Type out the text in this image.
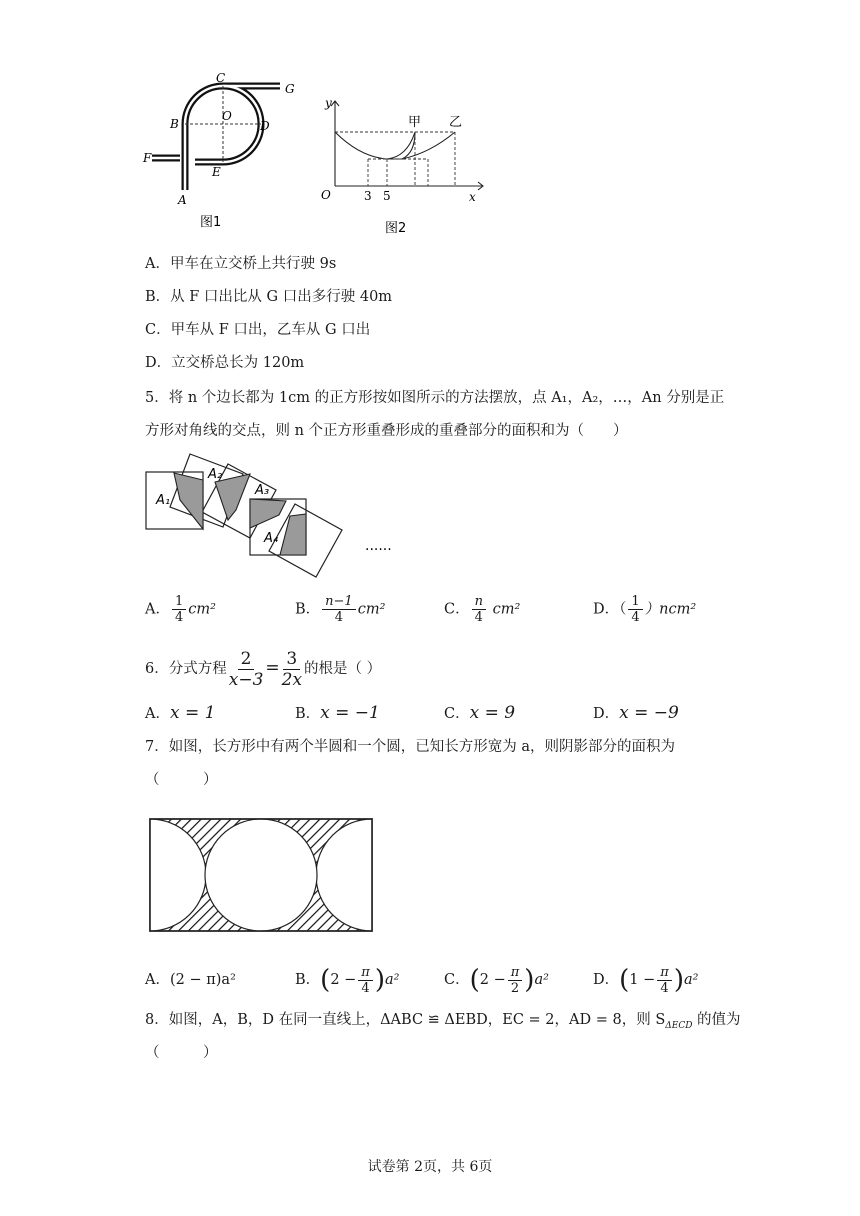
C
G
O
B	D
F
E
A
图1
y
x
O	3 5
甲 乙
图2
A．甲车在立交桥上共行驶 9s
B．从 F 口出比从 G 口出多行驶 40m
C．甲车从 F 口出，乙车从 G 口出
D．立交桥总长为 120m
5．将 n 个边长都为 1cm 的正方形按如图所示的方法摆放，点 A₁，A₂，…，An 分别是正
方形对角线的交点，则 n 个正方形重叠形成的重叠部分的面积和为（　　）
A₁
A₂
A₃
A₄	......
A． $\frac{1}{4} cm^2$	B． $\frac{n-1}{4} cm^2$	C． $\frac{n}{4} cm^2$	D．（ $\frac{1}{4} )ncm^2$
6．分式方程 $\frac{2}{x-3} = \frac{3}{2x}$ 的根是（ ）
A．x = 1	B．x = −1	C．x = 9	D．x = −9
7．如图，长方形中有两个半圆和一个圆，已知长方形宽为 a，则阴影部分的面积为
（　　　）
A．(2 − π)a²	B．$(2 - \frac{\pi}{4} )a^2$	C．$(2 - \frac{\pi}{2} )a^2$	D．$(1 - \frac{\pi}{4} )a^2$
8．如图，A，B，D 在同一直线上，ΔABC ≌ ΔEBD，EC = 2，AD = 8，则 $S_{\Delta ECD}$ 的值为
（　　　）
试卷第 2页，共 6页
